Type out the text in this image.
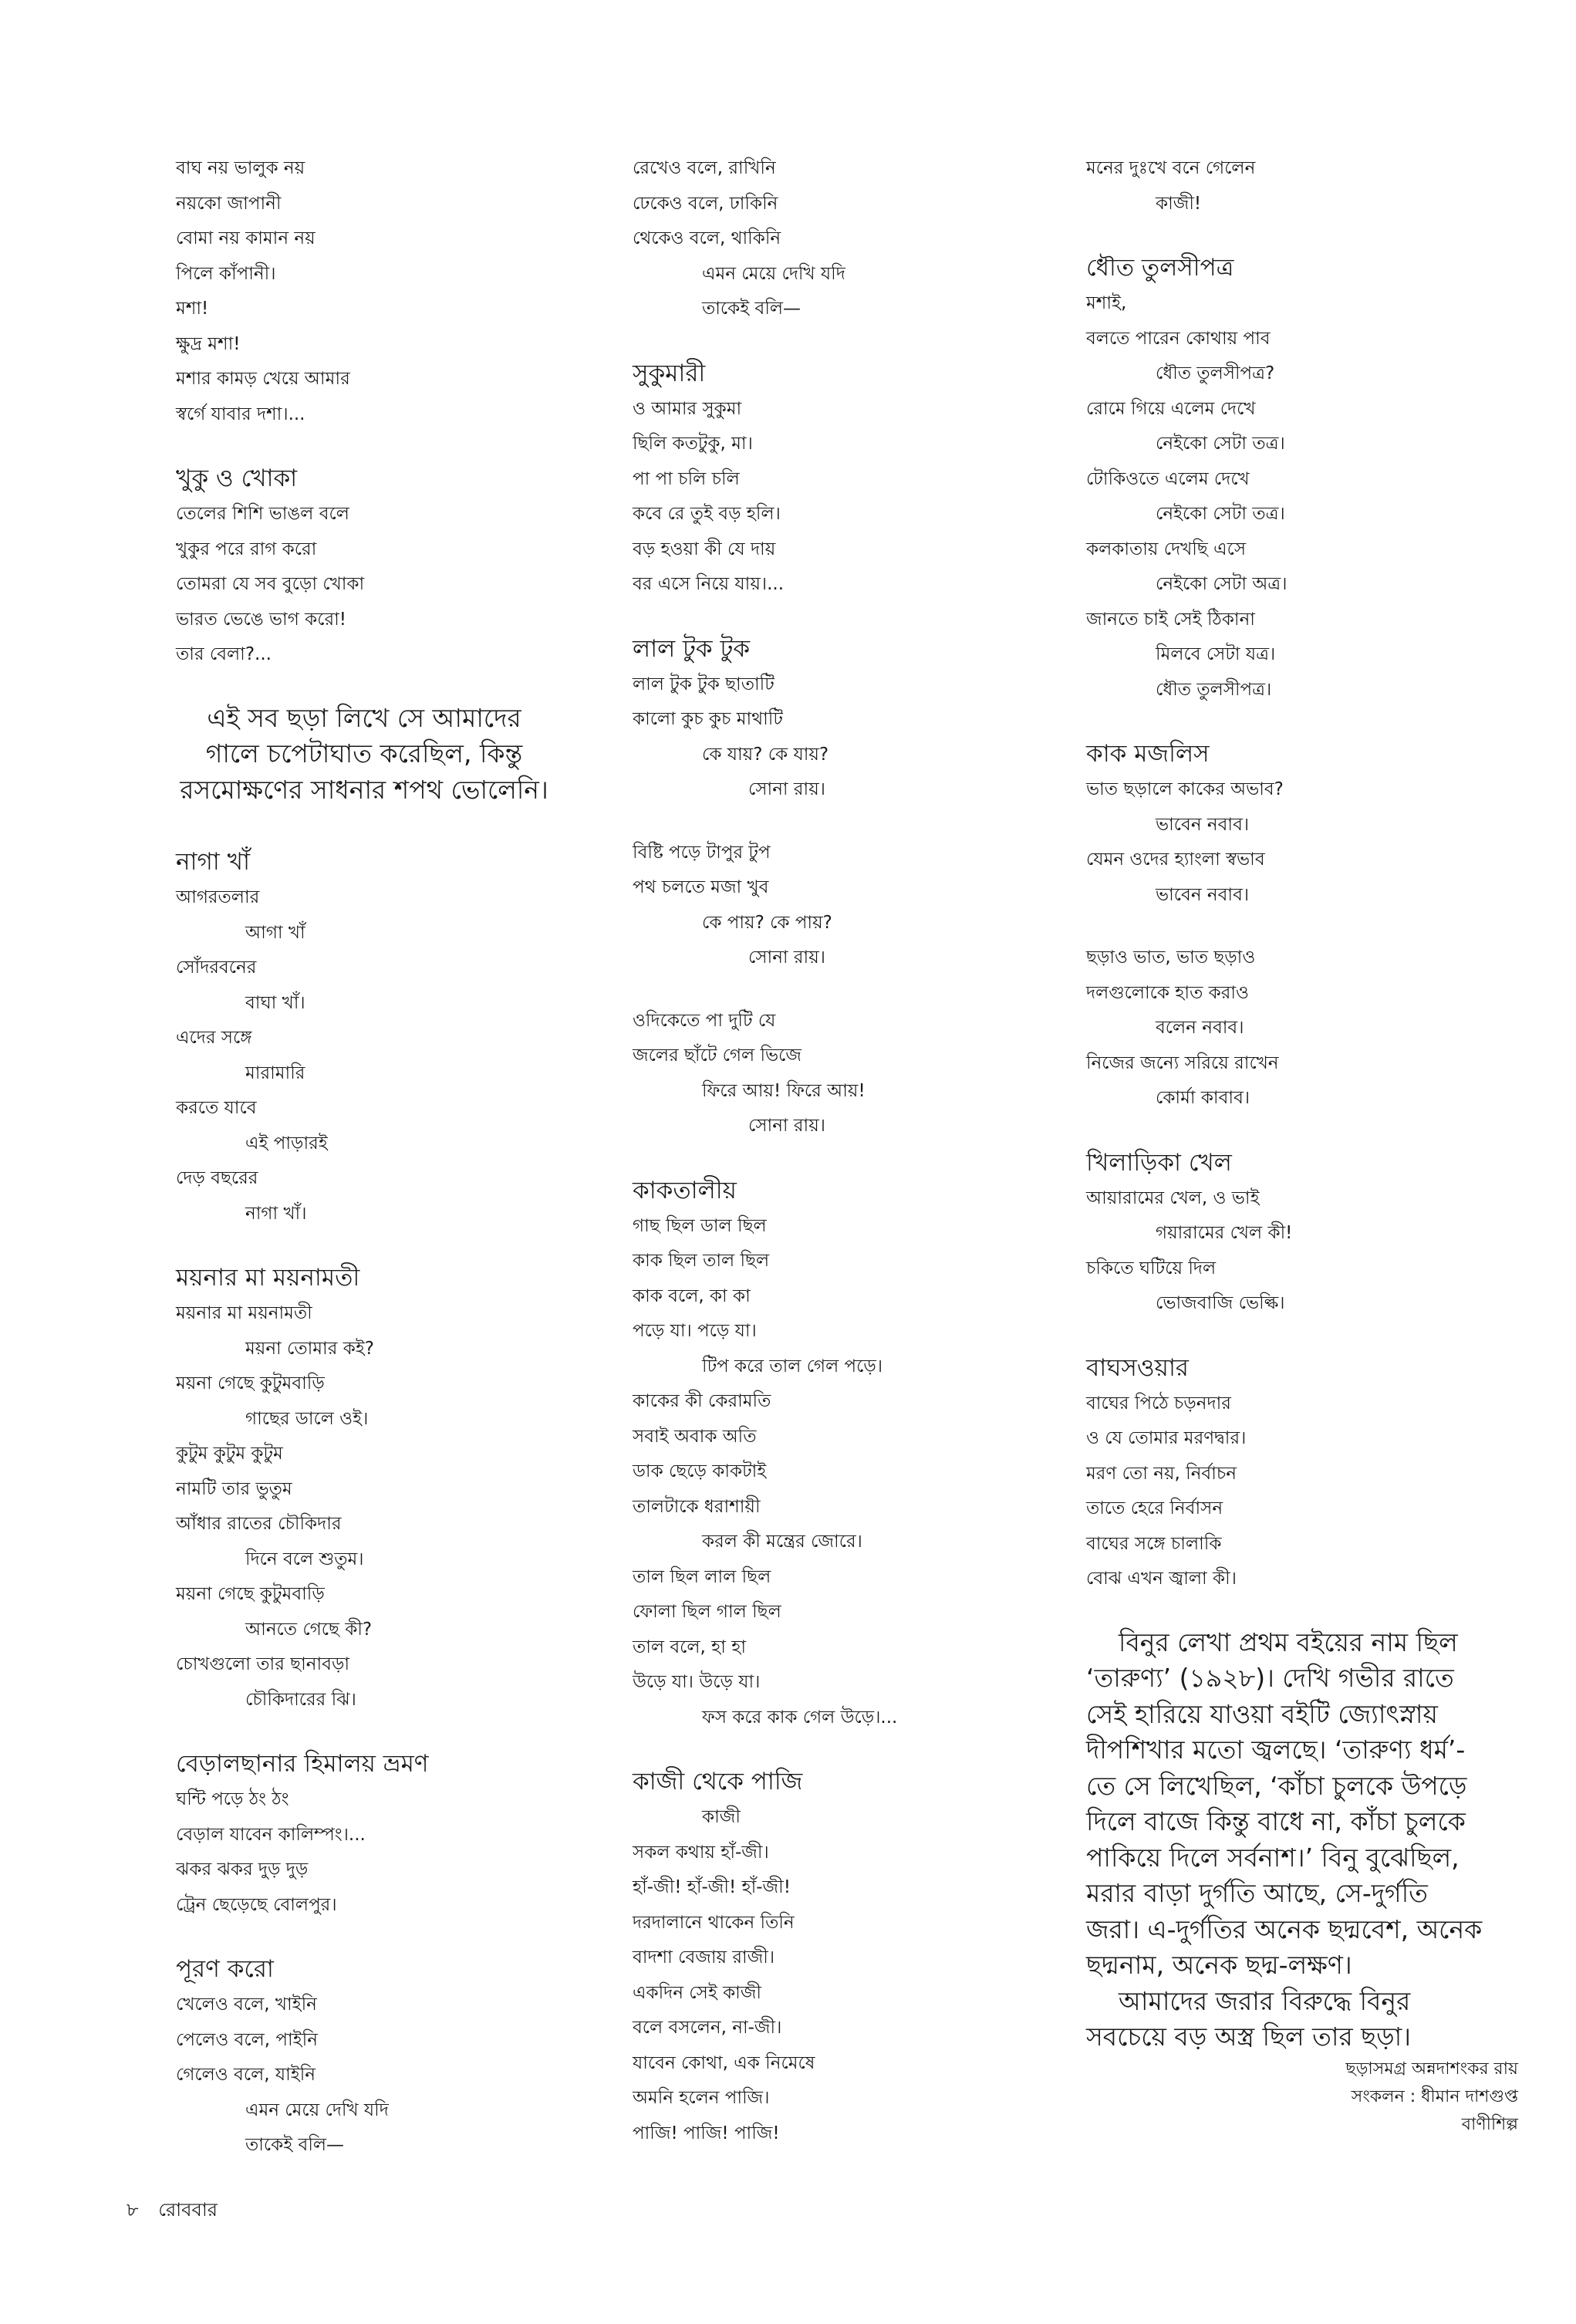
বাঘ নয় ভালুক নয়

নয়কো জাপানী

বোমা নয় কামান নয়

পিলে কাঁপানী।

মশা!

ক্ষুদ্র মশা!

মশার কামড় খেয়ে আমার

স্বর্গে যাবার দশা।...

খুকু ও খোকা

তেলের শিশি ভাঙল বলে

খুকুর পরে রাগ করো

তোমরা যে সব বুড়ো খোকা

ভারত ভেঙে ভাগ করো!

তার বেলা?...

এই সব ছড়া লিখে সে আমাদের
গালে চপেটাঘাত করেছিল, কিন্তু
রসমোক্ষণের সাধনার শপথ ভোলেনি।

নাগা খাঁ

আগরতলার

আগা খাঁ

সোঁদরবনের

বাঘা খাঁ।

এদের সঙ্গে

মারামারি

করতে যাবে

এই পাড়ারই

দেড় বছরের

নাগা খাঁ।

ময়নার মা ময়নামতী

ময়নার মা ময়নামতী

ময়না তোমার কই?

ময়না গেছে কুটুমবাড়ি

গাছের ডালে ওই।

কুটুম কুটুম কুটুম

নামটি তার ভুতুম

আঁধার রাতের চৌকিদার

দিনে বলে শুতুম।

ময়না গেছে কুটুমবাড়ি

আনতে গেছে কী?

চোখগুলো তার ছানাবড়া

চৌকিদারের ঝি।

বেড়ালছানার হিমালয় ভ্রমণ

ঘন্টি পড়ে ঠং ঠং

বেড়াল যাবেন কালিম্পং।...

ঝকর ঝকর দুড় দুড়

ট্রেন ছেড়েছে বোলপুর।

পূরণ করো

খেলেও বলে, খাইনি

পেলেও বলে, পাইনি

গেলেও বলে, যাইনি

এমন মেয়ে দেখি যদি

তাকেই বলি—

রেখেও বলে, রাখিনি

ঢেকেও বলে, ঢাকিনি

থেকেও বলে, থাকিনি

এমন মেয়ে দেখি যদি

তাকেই বলি—

সুকুমারী

ও আমার সুকুমা

ছিলি কতটুকু, মা।

পা পা চলি চলি

কবে রে তুই বড় হলি।

বড় হওয়া কী যে দায়

বর এসে নিয়ে যায়।...

লাল টুক টুক

লাল টুক টুক ছাতাটি

কালো কুচ কুচ মাথাটি

কে যায়? কে যায়?

সোনা রায়।

বিষ্টি পড়ে টাপুর টুপ

পথ চলতে মজা খুব

কে পায়? কে পায়?

সোনা রায়।

ওদিকেতে পা দুটি যে

জলের ছাঁটে গেল ভিজে

ফিরে আয়! ফিরে আয়!

সোনা রায়।

কাকতালীয়

গাছ ছিল ডাল ছিল

কাক ছিল তাল ছিল

কাক বলে, কা কা

পড়ে যা। পড়ে যা।

টিপ করে তাল গেল পড়ে।

কাকের কী কেরামতি

সবাই অবাক অতি

ডাক ছেড়ে কাকটাই

তালটাকে ধরাশায়ী

করল কী মন্ত্রের জোরে।

তাল ছিল লাল ছিল

ফোলা ছিল গাল ছিল

তাল বলে, হা হা

উড়ে যা। উড়ে যা।

ফস করে কাক গেল উড়ে।...

কাজী থেকে পাজি

কাজী

সকল কথায় হাঁ-জী।

হাঁ-জী! হাঁ-জী! হাঁ-জী!

দরদালানে থাকেন তিনি

বাদশা বেজায় রাজী।

একদিন সেই কাজী

বলে বসলেন, না-জী।

যাবেন কোথা, এক নিমেষে

অমনি হলেন পাজি।

পাজি! পাজি! পাজি!

মনের দুঃখে বনে গেলেন

কাজী!

ধৌত তুলসীপত্র

মশাই,

বলতে পারেন কোথায় পাব

ধৌত তুলসীপত্র?

রোমে গিয়ে এলেম দেখে

নেইকো সেটা তত্র।

টোকিওতে এলেম দেখে

নেইকো সেটা তত্র।

কলকাতায় দেখছি এসে

নেইকো সেটা অত্র।

জানতে চাই সেই ঠিকানা

মিলবে সেটা যত্র।

ধৌত তুলসীপত্র।

কাক মজলিস

ভাত ছড়ালে কাকের অভাব?

ভাবেন নবাব।

যেমন ওদের হ্যাংলা স্বভাব

ভাবেন নবাব।

ছড়াও ভাত, ভাত ছড়াও

দলগুলোকে হাত করাও

বলেন নবাব।

নিজের জন্যে সরিয়ে রাখেন

কোর্মা কাবাব।

খিলাড়িকা খেল

আয়ারামের খেল, ও ভাই

গয়ারামের খেল কী!

চকিতে ঘটিয়ে দিল

ভোজবাজি ভেল্কি।

বাঘসওয়ার

বাঘের পিঠে চড়নদার

ও যে তোমার মরণদ্বার।

মরণ তো নয়, নির্বাচন

তাতে হেরে নির্বাসন

বাঘের সঙ্গে চালাকি

বোঝ এখন জ্বালা কী।

বিনুর লেখা প্রথম বইয়ের নাম ছিল
‘তারুণ্য’ (১৯২৮)। দেখি গভীর রাতে
সেই হারিয়ে যাওয়া বইটি জ্যোৎস্নায়
দীপশিখার মতো জ্বলছে। ‘তারুণ্য ধর্ম’-
তে সে লিখেছিল, ‘কাঁচা চুলকে উপড়ে
দিলে বাজে কিন্তু বাধে না, কাঁচা চুলকে
পাকিয়ে দিলে সর্বনাশ।’ বিনু বুঝেছিল,
মরার বাড়া দুর্গতি আছে, সে-দুর্গতি
জরা। এ-দুর্গতির অনেক ছদ্মবেশ, অনেক
ছদ্মনাম, অনেক ছদ্ম-লক্ষণ।
আমাদের জরার বিরুদ্ধে বিনুর
সবচেয়ে বড় অস্ত্র ছিল তার ছড়া।

ছড়াসমগ্র অন্নদাশংকর রায়

সংকলন : ধীমান দাশগুপ্ত

বাণীশিল্প

৮ রোববার
